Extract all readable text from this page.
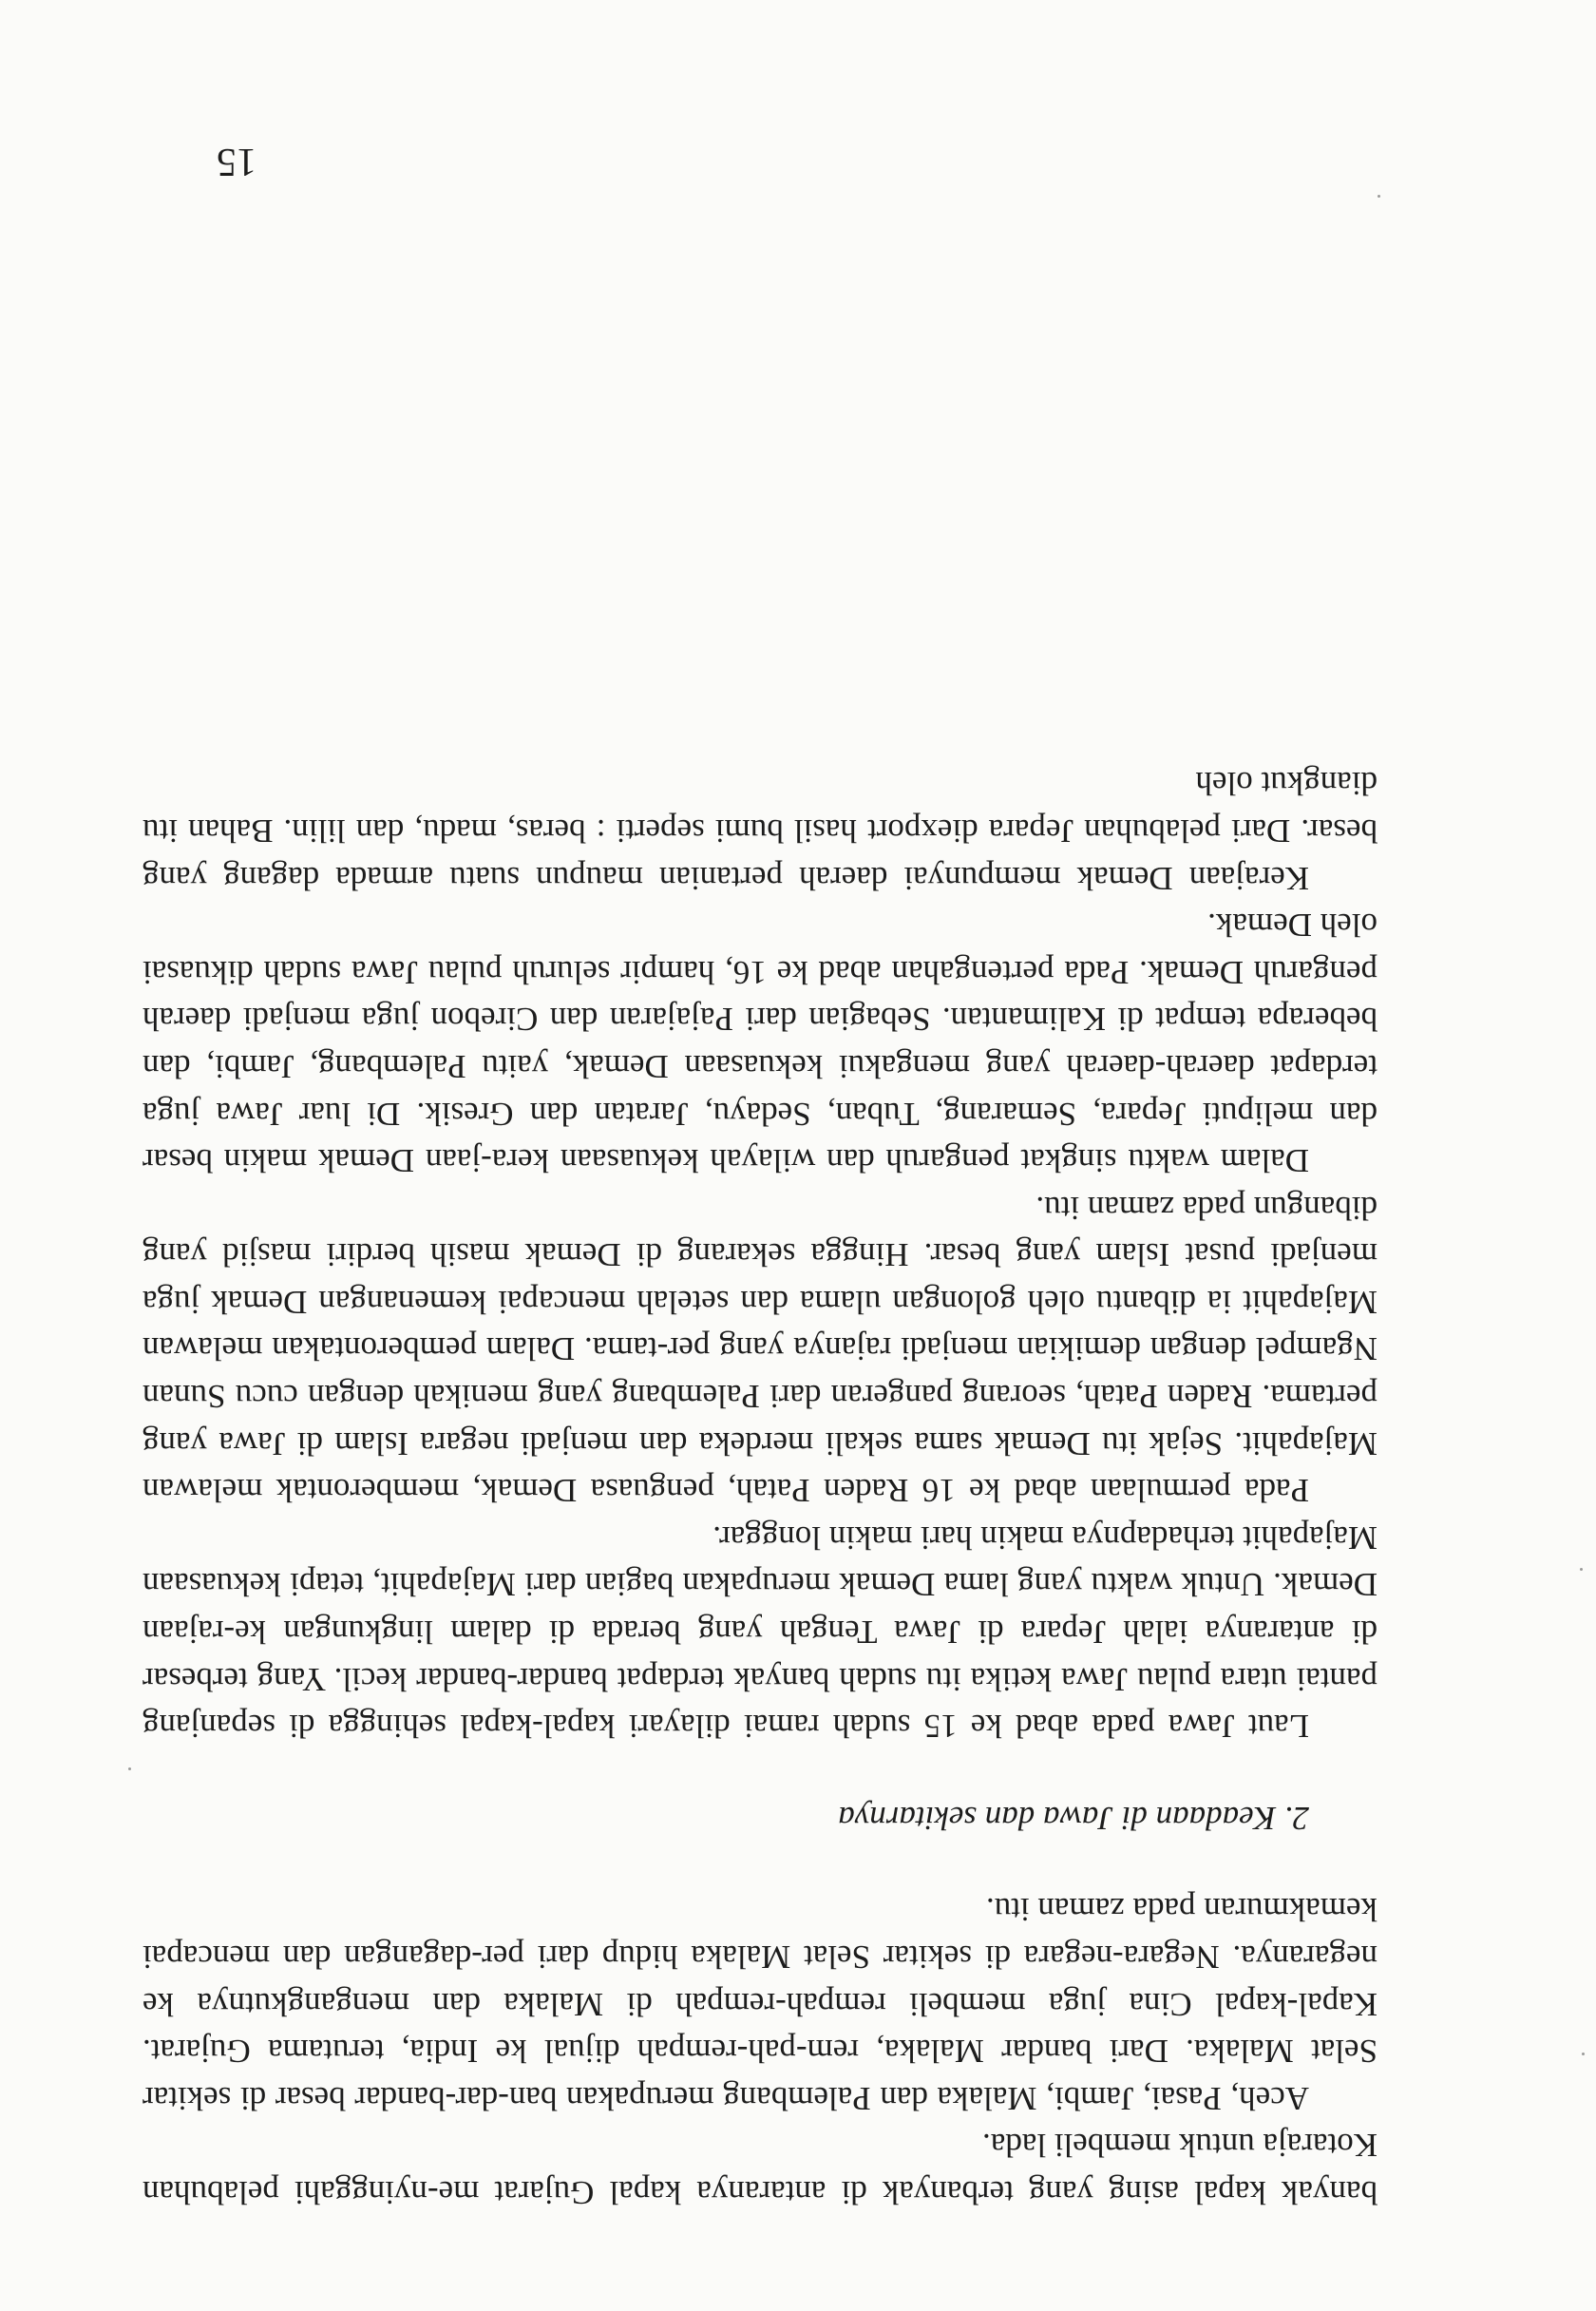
banyak kapal asing yang terbanyak di antaranya kapal Gujarat me-nyinggahi pelabuhan Kotaraja untuk membeli lada.

Aceh, Pasai, Jambi, Malaka dan Palembang merupakan ban-dar-bandar besar di sekitar Selat Malaka. Dari bandar Malaka, rem-pah-rempah dijual ke India, terutama Gujarat. Kapal-kapal Cina juga membeli rempah-rempah di Malaka dan mengangkutnya ke negaranya. Negara-negara di sekitar Selat Malaka hidup dari per-dagangan dan mencapai kemakmuran pada zaman itu.

2. Keadaan di Jawa dan sekitarnya

Laut Jawa pada abad ke 15 sudah ramai dilayari kapal-kapal sehingga di sepanjang pantai utara pulau Jawa ketika itu sudah banyak terdapat bandar-bandar kecil. Yang terbesar di antaranya ialah Jepara di Jawa Tengah yang berada di dalam lingkungan ke-rajaan Demak. Untuk waktu yang lama Demak merupakan bagian dari Majapahit, tetapi kekuasaan Majapahit terhadapnya makin hari makin longgar.

Pada permulaan abad ke 16 Raden Patah, penguasa Demak, memberontak melawan Majapahit. Sejak itu Demak sama sekali merdeka dan menjadi negara Islam di Jawa yang pertama. Raden Patah, seorang pangeran dari Palembang yang menikah dengan cucu Sunan Ngampel dengan demikian menjadi rajanya yang per-tama. Dalam pemberontakan melawan Majapahit ia dibantu oleh golongan ulama dan setelah mencapai kemenangan Demak juga menjadi pusat Islam yang besar. Hingga sekarang di Demak masih berdiri masjid yang dibangun pada zaman itu.

Dalam waktu singkat pengaruh dan wilayah kekuasaan kera-jaan Demak makin besar dan meliputi Jepara, Semarang, Tuban, Sedayu, Jaratan dan Gresik. Di luar Jawa juga terdapat daerah-daerah yang mengakui kekuasaan Demak, yaitu Palembang, Jambi, dan beberapa tempat di Kalimantan. Sebagian dari Pajajaran dan Cirebon juga menjadi daerah pengaruh Demak. Pada pertengahan abad ke 16, hampir seluruh pulau Jawa sudah dikuasai oleh Demak.

Kerajaan Demak mempunyai daerah pertanian maupun suatu armada dagang yang besar. Dari pelabuhan Jepara diexport hasil bumi seperti : beras, madu, dan lilin. Bahan itu diangkut oleh

15
